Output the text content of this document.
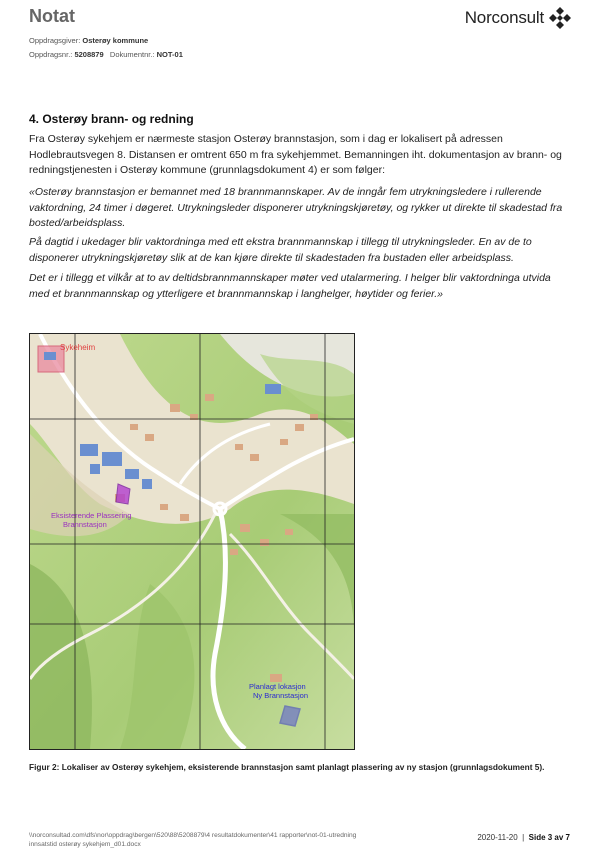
Notat
Oppdragsgiver: Osterøy kommune
Oppdragsnr.: 5208879 Dokumentnr.: NOT-01
Norconsult
4. Osterøy brann- og redning
Fra Osterøy sykehjem er nærmeste stasjon Osterøy brannstasjon, som i dag er lokalisert på adressen Hodlebrautsvegen 8. Distansen er omtrent 650 m fra sykehjemmet. Bemanningen iht. dokumentasjon av brann- og redningstjenesten i Osterøy kommune (grunnlagsdokument 4) er som følger:
«Osterøy brannstasjon er bemannet med 18 brannmannskaper. Av de inngår fem utrykningsledere i rullerende vaktordning, 24 timer i døgeret. Utrykningsleder disponerer utrykningskjøretøy, og rykker ut direkte til skadestad fra bosted/arbeidsplass.
På dagtid i ukedager blir vaktordninga med ett ekstra brannmannskap i tillegg til utrykningsleder. En av de to disponerer utrykningskjøretøy slik at de kan kjøre direkte til skadestaden fra bustaden eller arbeidsplass.
Det er i tillegg et vilkår at to av deltidsbrannmannskaper møter ved utalarmering. I helger blir vaktordninga utvida med et brannmannskap og ytterligere et brannmannskap i langhelger, høytider og ferier.»
Sykeheim
Eksisterende Plassering
Brannstasjon
Planlagt lokasjon
Ny Brannstasjon
Figur 2: Lokaliser av Osterøy sykehjem, eksisterende brannstasjon samt planlagt plassering av ny stasjon (grunnlagsdokument 5).
\\norconsultad.com\dfs\nor\oppdrag\bergen\520\88\5208879\4 resultatdokumenter\41 rapporter\not-01-utredning
innsatstid osterøy sykehjem_d01.docx
2020-11-20 | Side 3 av 7
